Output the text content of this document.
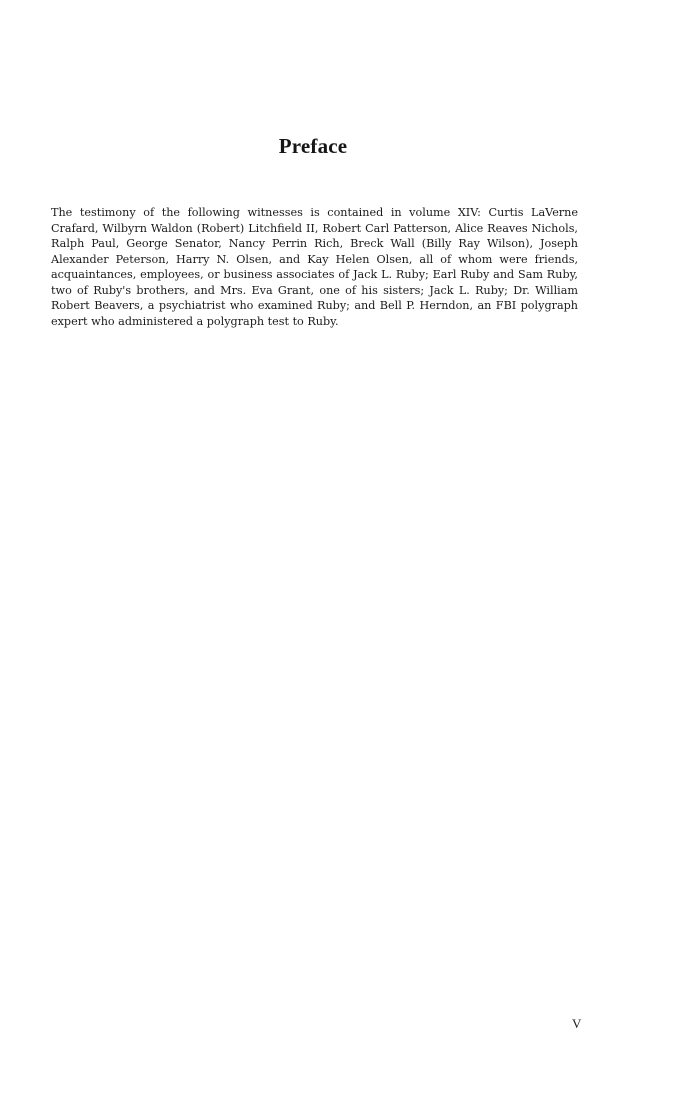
Preface

The testimony of the following witnesses is contained in volume XIV: Curtis LaVerne Crafard, Wilbyrn Waldon (Robert) Litchfield II, Robert Carl Patterson, Alice Reaves Nichols, Ralph Paul, George Senator, Nancy Perrin Rich, Breck Wall (Billy Ray Wilson), Joseph Alexander Peterson, Harry N. Olsen, and Kay Helen Olsen, all of whom were friends, acquaintances, employees, or business associates of Jack L. Ruby; Earl Ruby and Sam Ruby, two of Ruby's brothers, and Mrs. Eva Grant, one of his sisters; Jack L. Ruby; Dr. William Robert Beavers, a psychiatrist who examined Ruby; and Bell P. Herndon, an FBI polygraph expert who administered a polygraph test to Ruby.

V
